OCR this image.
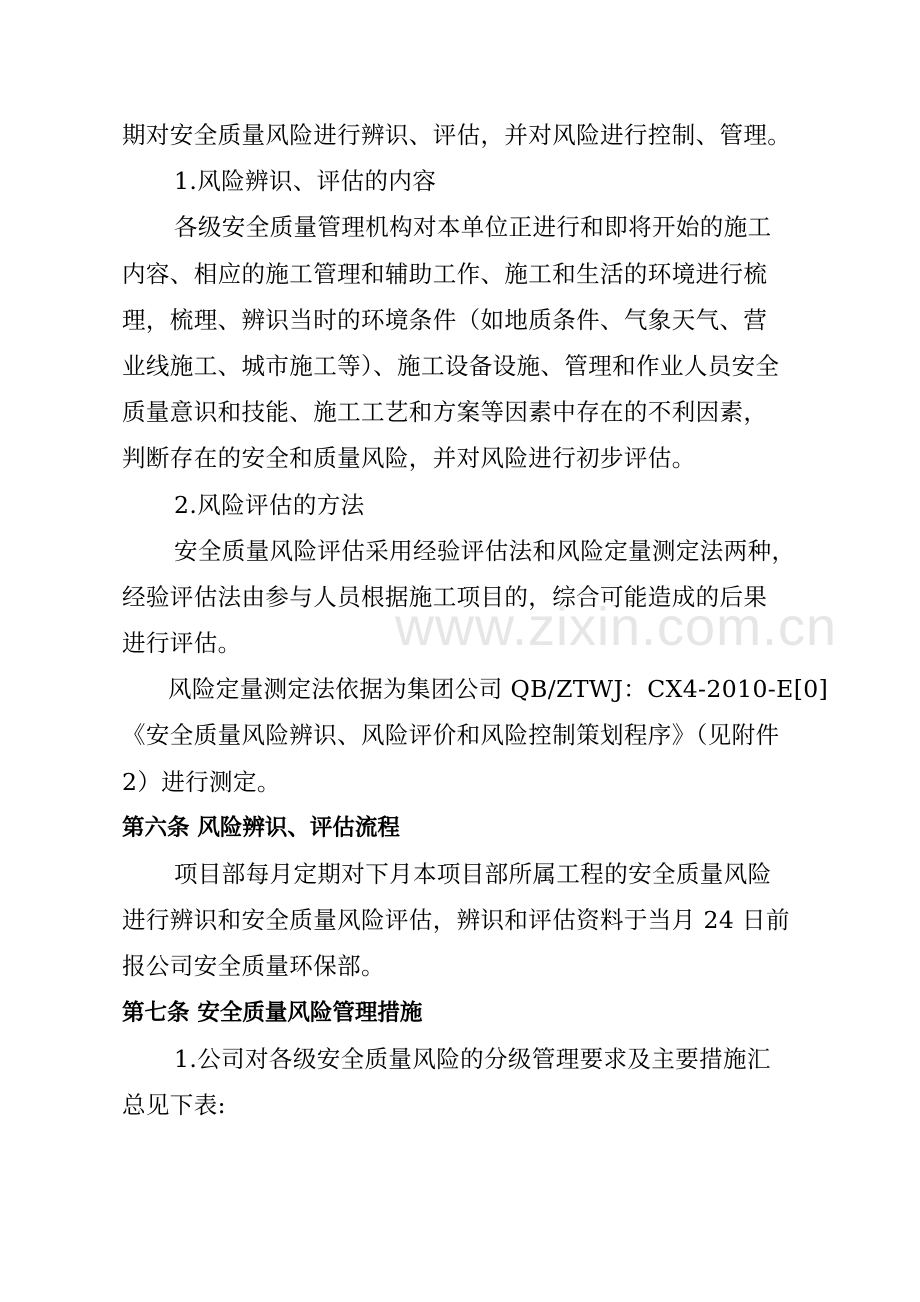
www.zixin.com.cn
期对安全质量风险进行辨识、评估，并对风险进行控制、管理。
1.风险辨识、评估的内容
各级安全质量管理机构对本单位正进行和即将开始的施工
内容、相应的施工管理和辅助工作、施工和生活的环境进行梳
理，梳理、辨识当时的环境条件（如地质条件、气象天气、营
业线施工、城市施工等）、施工设备设施、管理和作业人员安全
质量意识和技能、施工工艺和方案等因素中存在的不利因素，
判断存在的安全和质量风险，并对风险进行初步评估。
2.风险评估的方法
安全质量风险评估采用经验评估法和风险定量测定法两种，
经验评估法由参与人员根据施工项目的，综合可能造成的后果
进行评估。
风险定量测定法依据为集团公司 QB/ZTWJ：CX4-2010-E[0]
《安全质量风险辨识、风险评价和风险控制策划程序》（见附件
2）进行测定。
第六条 风险辨识、评估流程
项目部每月定期对下月本项目部所属工程的安全质量风险
进行辨识和安全质量风险评估，辨识和评估资料于当月 24 日前
报公司安全质量环保部。
第七条 安全质量风险管理措施
1.公司对各级安全质量风险的分级管理要求及主要措施汇
总见下表:
